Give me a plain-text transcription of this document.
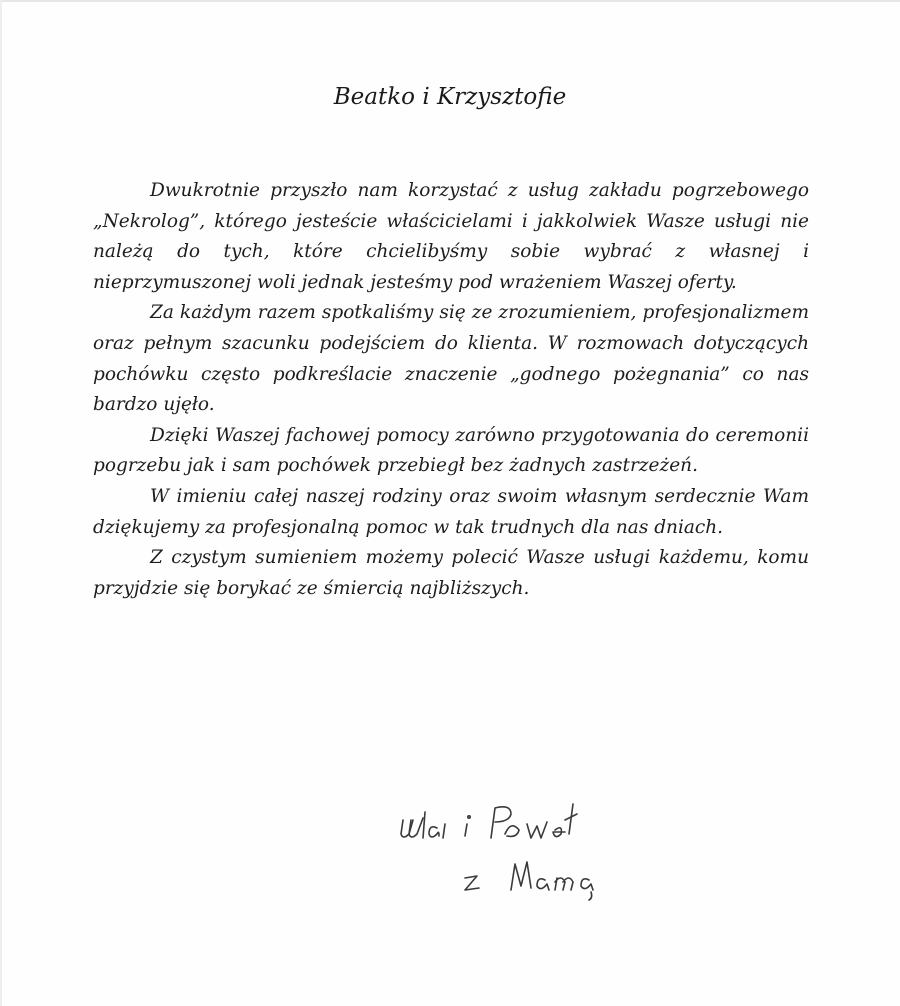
Beatko i Krzysztofie

Dwukrotnie przyszło nam korzystać z usług zakładu pogrzebowego „Nekrolog”, którego jesteście właścicielami i jakkolwiek Wasze usługi nie należą do tych, które chcielibyśmy sobie wybrać z własnej i nieprzymuszonej woli jednak jesteśmy pod wrażeniem Waszej oferty.

Za każdym razem spotkaliśmy się ze zrozumieniem, profesjonalizmem oraz pełnym szacunku podejściem do klienta. W rozmowach dotyczących pochówku często podkreślacie znaczenie „godnego pożegnania” co nas bardzo ujęło.

Dzięki Waszej fachowej pomocy zarówno przygotowania do ceremonii pogrzebu jak i sam pochówek przebiegł bez żadnych zastrzeżeń.

W imieniu całej naszej rodziny oraz swoim własnym serdecznie Wam dziękujemy za profesjonalną pomoc w tak trudnych dla nas dniach.

Z czystym sumieniem możemy polecić Wasze usługi każdemu, komu przyjdzie się borykać ze śmiercią najbliższych.
